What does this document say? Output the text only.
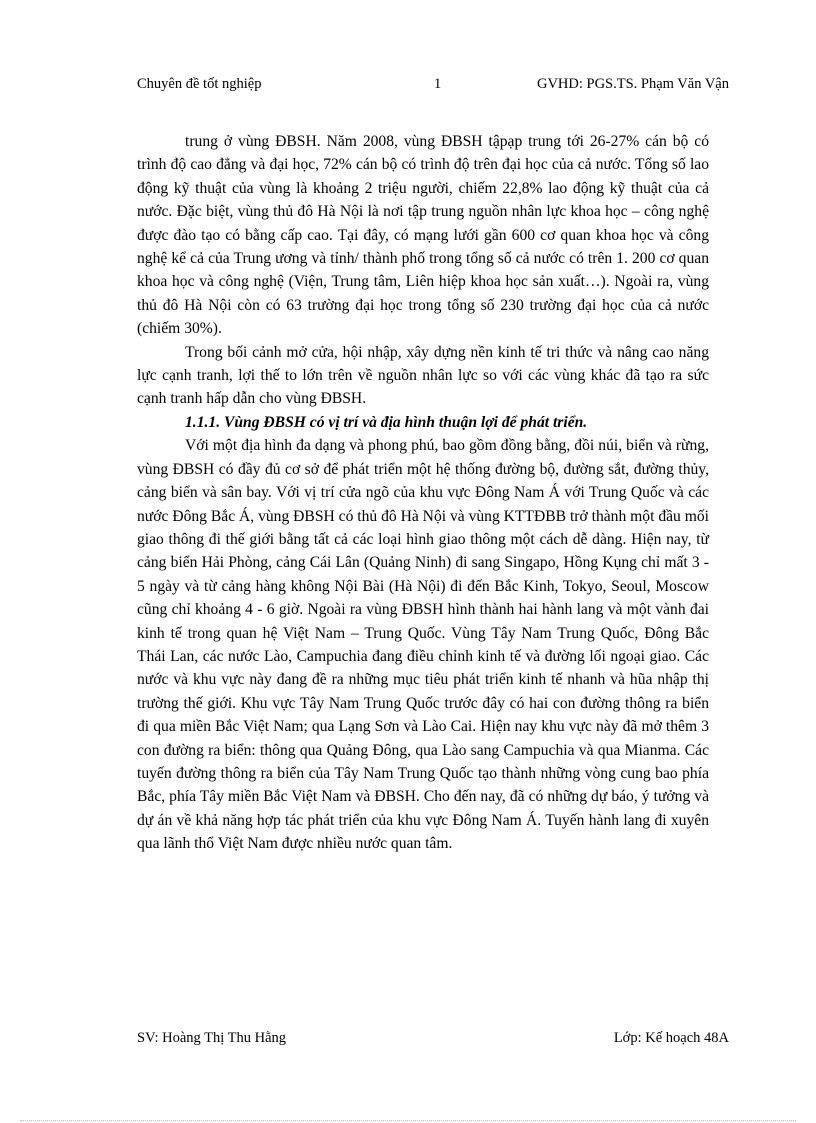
Chuyên đề tốt nghiệp	1	GVHD: PGS.TS. Phạm Văn Vận

trung ở vùng ĐBSH. Năm 2008, vùng ĐBSH tậpạp trung tới 26-27% cán bộ có trình độ cao đẳng và đại học, 72% cán bộ có trình độ trên đại học của cả nước. Tổng số lao động kỹ thuật của vùng là khoảng 2 triệu người, chiếm 22,8% lao động kỹ thuật của cả nước. Đặc biệt, vùng thủ đô Hà Nội là nơi tập trung nguồn nhân lực khoa học – công nghệ được đào tạo có bằng cấp cao. Tại đây, có mạng lưới gần 600 cơ quan khoa học và công nghệ kể cả của Trung ương và tỉnh/ thành phố trong tổng số cả nước có trên 1. 200 cơ quan khoa học và công nghệ (Viện, Trung tâm, Liên hiệp khoa học sản xuất…). Ngoài ra, vùng thủ đô Hà Nội còn có 63 trường đại học trong tổng số 230 trường đại học của cả nước (chiếm 30%).

Trong bối cảnh mở cửa, hội nhập, xây dựng nền kinh tế tri thức và nâng cao năng lực cạnh tranh, lợi thế to lớn trên về nguồn nhân lực so với các vùng khác đã tạo ra sức cạnh tranh hấp dẫn cho vùng ĐBSH.

1.1.1. Vùng ĐBSH có vị trí và địa hình thuận lợi để phát triển.

Với một địa hình đa dạng và phong phú, bao gồm đồng bằng, đồi núi, biển và rừng, vùng ĐBSH có đầy đủ cơ sở để phát triển một hệ thống đường bộ, đường sắt, đường thủy, cảng biển và sân bay. Với vị trí cửa ngõ của khu vực Đông Nam Á với Trung Quốc và các nước Đông Bắc Á, vùng ĐBSH có thủ đô Hà Nội và vùng KTTĐBB trở thành một đầu mối giao thông đi thế giới bằng tất cả các loại hình giao thông một cách dễ dàng. Hiện nay, từ cảng biển Hải Phòng, cảng Cái Lân (Quảng Ninh) đi sang Singapo, Hồng Kụng chỉ mất 3 - 5 ngày và từ cảng hàng không Nội Bài (Hà Nội) đi đến Bắc Kinh, Tokyo, Seoul, Moscow cũng chỉ khoảng 4 - 6 giờ. Ngoài ra vùng ĐBSH hình thành hai hành lang và một vành đai kinh tế trong quan hệ Việt Nam – Trung Quốc. Vùng Tây Nam Trung Quốc, Đông Bắc Thái Lan, các nước Lào, Campuchia đang điều chỉnh kinh tế và đường lối ngoại giao. Các nước và khu vực này đang đề ra những mục tiêu phát triển kinh tế nhanh và hũa nhập thị trường thế giới. Khu vực Tây Nam Trung Quốc trước đây có hai con đường thông ra biển đi qua miền Bắc Việt Nam; qua Lạng Sơn và Lào Cai. Hiện nay khu vực này đã mở thêm 3 con đường ra biển: thông qua Quảng Đông, qua Lào sang Campuchia và qua Mianma. Các tuyến đường thông ra biển của Tây Nam Trung Quốc tạo thành những vòng cung bao phía Bắc, phía Tây miền Bắc Việt Nam và ĐBSH. Cho đến nay, đã có những dự báo, ý tưởng và dự án về khả năng hợp tác phát triển của khu vực Đông Nam Á. Tuyến hành lang đi xuyên qua lãnh thổ Việt Nam được nhiều nước quan tâm.

SV: Hoàng Thị Thu Hằng	Lớp: Kế hoạch 48A
